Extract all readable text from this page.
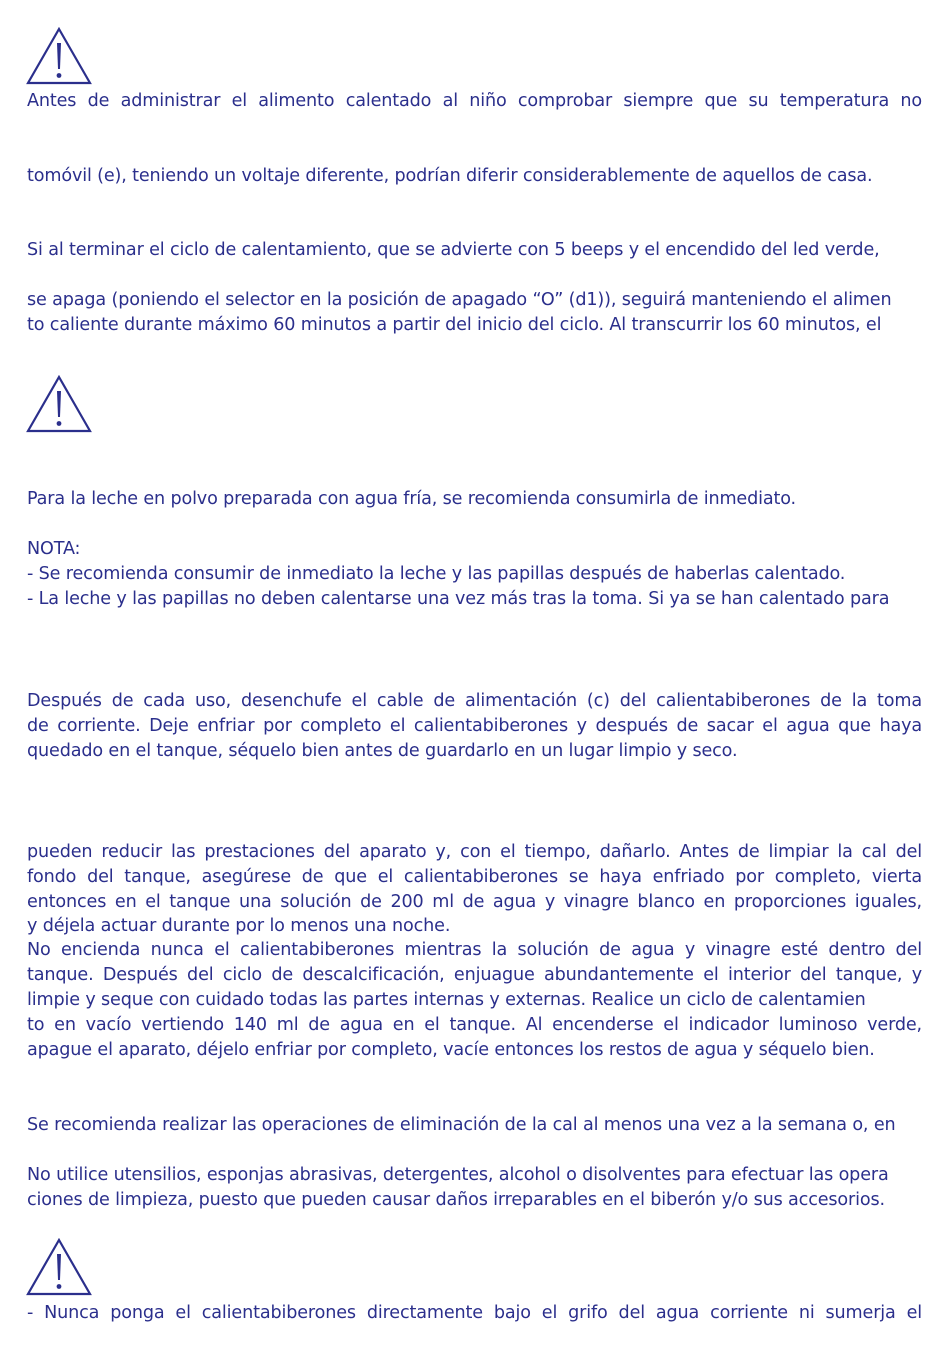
Antes de administrar el alimento calentado al niño comprobar siempre que su temperatura no
tomóvil (e), teniendo un voltaje diferente, podrían diferir considerablemente de aquellos de casa.
Si al terminar el ciclo de calentamiento, que se advierte con 5 beeps y el encendido del led verde,
se apaga (poniendo el selector en la posición de apagado “O” (d1)), seguirá manteniendo el alimen
to caliente durante máximo 60 minutos a partir del inicio del ciclo. Al transcurrir los 60 minutos, el
Para la leche en polvo preparada con agua fría, se recomienda consumirla de inmediato.
NOTA:
- Se recomienda consumir de inmediato la leche y las papillas después de haberlas calentado.
- La leche y las papillas no deben calentarse una vez más tras la toma. Si ya se han calentado para
Después de cada uso, desenchufe el cable de alimentación (c) del calientabiberones de la toma
de corriente. Deje enfriar por completo el calientabiberones y después de sacar el agua que haya
quedado en el tanque, séquelo bien antes de guardarlo en un lugar limpio y seco.
pueden reducir las prestaciones del aparato y, con el tiempo, dañarlo. Antes de limpiar la cal del
fondo del tanque, asegúrese de que el calientabiberones se haya enfriado por completo, vierta
entonces en el tanque una solución de 200 ml de agua y vinagre blanco en proporciones iguales,
y déjela actuar durante por lo menos una noche.
No encienda nunca el calientabiberones mientras la solución de agua y vinagre esté dentro del
tanque. Después del ciclo de descalcificación, enjuague abundantemente el interior del tanque, y
limpie y seque con cuidado todas las partes internas y externas. Realice un ciclo de calentamien
to en vacío vertiendo 140 ml de agua en el tanque. Al encenderse el indicador luminoso verde,
apague el aparato, déjelo enfriar por completo, vacíe entonces los restos de agua y séquelo bien.
Se recomienda realizar las operaciones de eliminación de la cal al menos una vez a la semana o, en
No utilice utensilios, esponjas abrasivas, detergentes, alcohol o disolventes para efectuar las opera
ciones de limpieza, puesto que pueden causar daños irreparables en el biberón y/o sus accesorios.
- Nunca ponga el calientabiberones directamente bajo el grifo del agua corriente ni sumerja el
